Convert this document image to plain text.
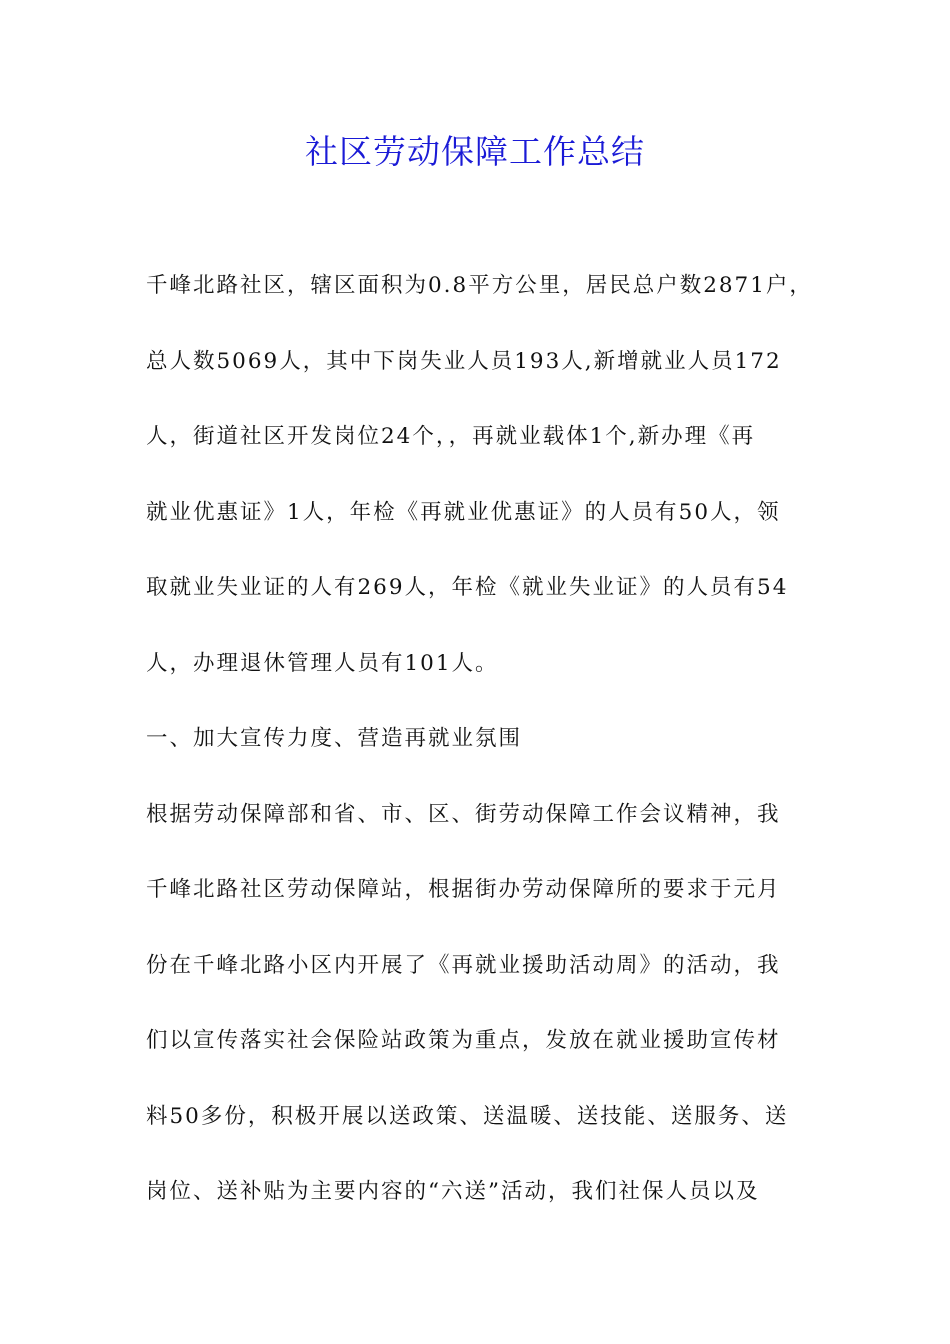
社区劳动保障工作总结
千峰北路社区，辖区面积为0.8平方公里，居民总户数2871户，
总人数5069人，其中下岗失业人员193人,新增就业人员172
人，街道社区开发岗位24个，，再就业载体1个,新办理《再
就业优惠证》1人，年检《再就业优惠证》的人员有50人，领
取就业失业证的人有269人，年检《就业失业证》的人员有54
人，办理退休管理人员有101人。
一、加大宣传力度、营造再就业氛围
根据劳动保障部和省、市、区、街劳动保障工作会议精神，我
千峰北路社区劳动保障站，根据街办劳动保障所的要求于元月
份在千峰北路小区内开展了《再就业援助活动周》的活动，我
们以宣传落实社会保险站政策为重点，发放在就业援助宣传材
料50多份，积极开展以送政策、送温暖、送技能、送服务、送
岗位、送补贴为主要内容的“六送”活动，我们社保人员以及
